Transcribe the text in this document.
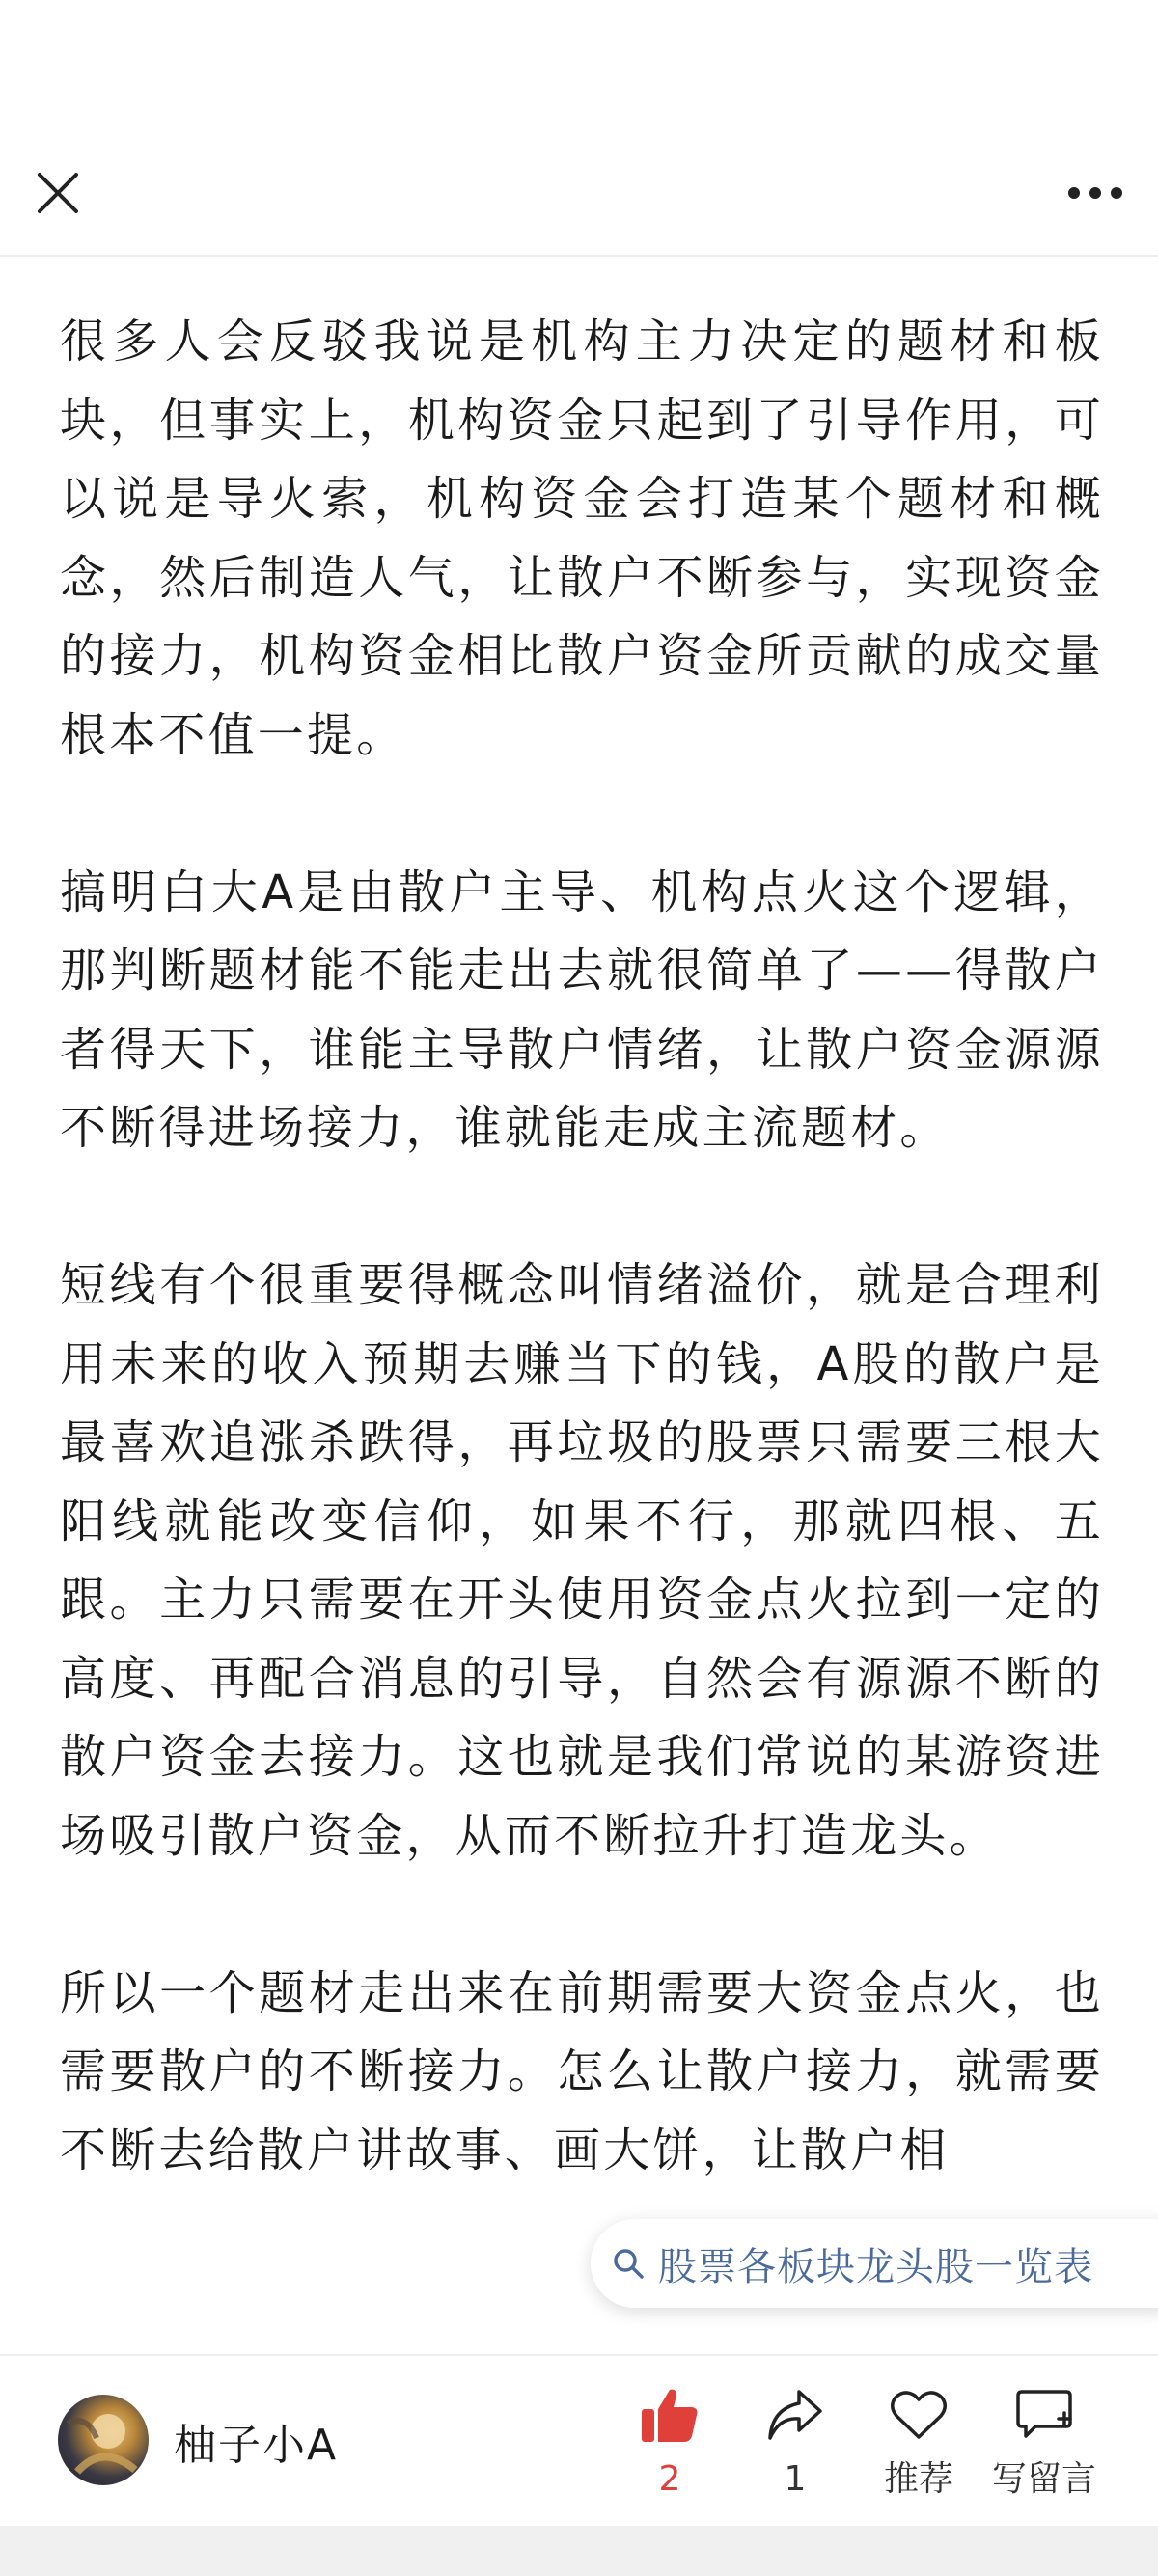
很多人会反驳我说是机构主力决定的题材和板块，但事实上，机构资金只起到了引导作用，可以说是导火索，机构资金会打造某个题材和概念，然后制造人气，让散户不断参与，实现资金的接力，机构资金相比散户资金所贡献的成交量根本不值一提。

搞明白大A是由散户主导、机构点火这个逻辑，那判断题材能不能走出去就很简单了——得散户者得天下，谁能主导散户情绪，让散户资金源源不断得进场接力，谁就能走成主流题材。

短线有个很重要得概念叫情绪溢价，就是合理利用未来的收入预期去赚当下的钱，A股的散户是最喜欢追涨杀跌得，再垃圾的股票只需要三根大阳线就能改变信仰，如果不行，那就四根、五跟。主力只需要在开头使用资金点火拉到一定的高度、再配合消息的引导，自然会有源源不断的散户资金去接力。这也就是我们常说的某游资进场吸引散户资金，从而不断拉升打造龙头。

所以一个题材走出来在前期需要大资金点火，也需要散户的不断接力。怎么让散户接力，就需要不断去给散户讲故事、画大饼，让散户相

股票各板块龙头股一览表
柚子小A
2	1 推荐 写留言
